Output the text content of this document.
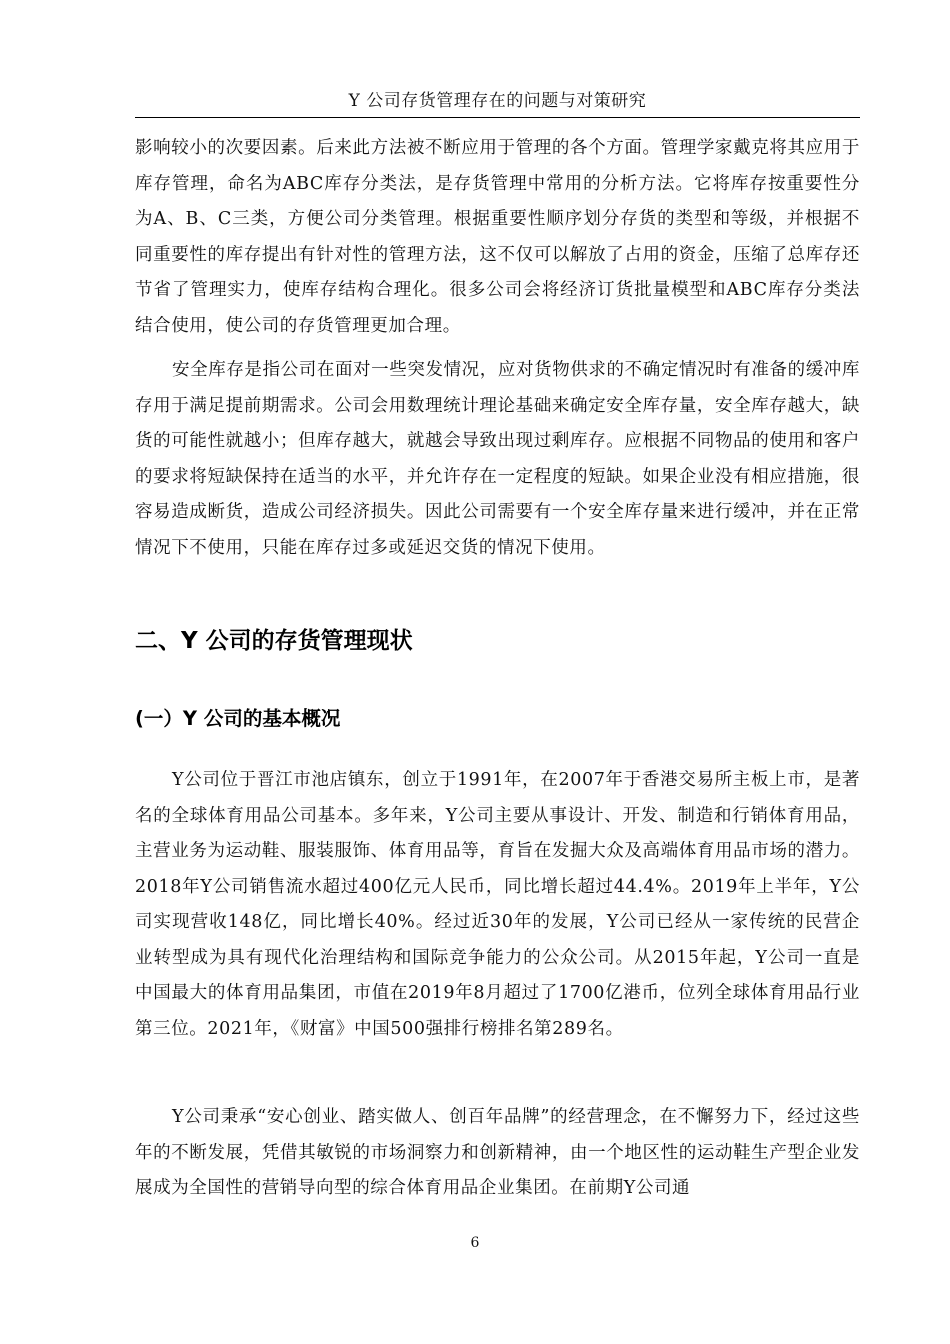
Y 公司存货管理存在的问题与对策研究

影响较小的次要因素。后来此方法被不断应用于管理的各个方面。管理学家戴克将其应用于库存管理，命名为ABC库存分类法，是存货管理中常用的分析方法。它将库存按重要性分为A、B、C三类，方便公司分类管理。根据重要性顺序划分存货的类型和等级，并根据不同重要性的库存提出有针对性的管理方法，这不仅可以解放了占用的资金，压缩了总库存还节省了管理实力，使库存结构合理化。很多公司会将经济订货批量模型和ABC库存分类法结合使用，使公司的存货管理更加合理。

安全库存是指公司在面对一些突发情况，应对货物供求的不确定情况时有准备的缓冲库存用于满足提前期需求。公司会用数理统计理论基础来确定安全库存量，安全库存越大，缺货的可能性就越小；但库存越大，就越会导致出现过剩库存。应根据不同物品的使用和客户的要求将短缺保持在适当的水平，并允许存在一定程度的短缺。如果企业没有相应措施，很容易造成断货，造成公司经济损失。因此公司需要有一个安全库存量来进行缓冲，并在正常情况下不使用，只能在库存过多或延迟交货的情况下使用。

二、Y 公司的存货管理现状
(一）Y 公司的基本概况

Y公司位于晋江市池店镇东，创立于1991年，在2007年于香港交易所主板上市，是著名的全球体育用品公司基本。多年来，Y公司主要从事设计、开发、制造和行销体育用品，主营业务为运动鞋、服装服饰、体育用品等，育旨在发掘大众及高端体育用品市场的潜力。2018年Y公司销售流水超过400亿元人民币，同比增长超过44.4%。2019年上半年，Y公司实现营收148亿，同比增长40%。经过近30年的发展，Y公司已经从一家传统的民营企业转型成为具有现代化治理结构和国际竞争能力的公众公司。从2015年起，Y公司一直是中国最大的体育用品集团，市值在2019年8月超过了1700亿港币，位列全球体育用品行业第三位。2021年，《财富》中国500强排行榜排名第289名。

Y公司秉承“安心创业、踏实做人、创百年品牌”的经营理念，在不懈努力下，经过这些年的不断发展，凭借其敏锐的市场洞察力和创新精神，由一个地区性的运动鞋生产型企业发展成为全国性的营销导向型的综合体育用品企业集团。在前期Y公司通

6
